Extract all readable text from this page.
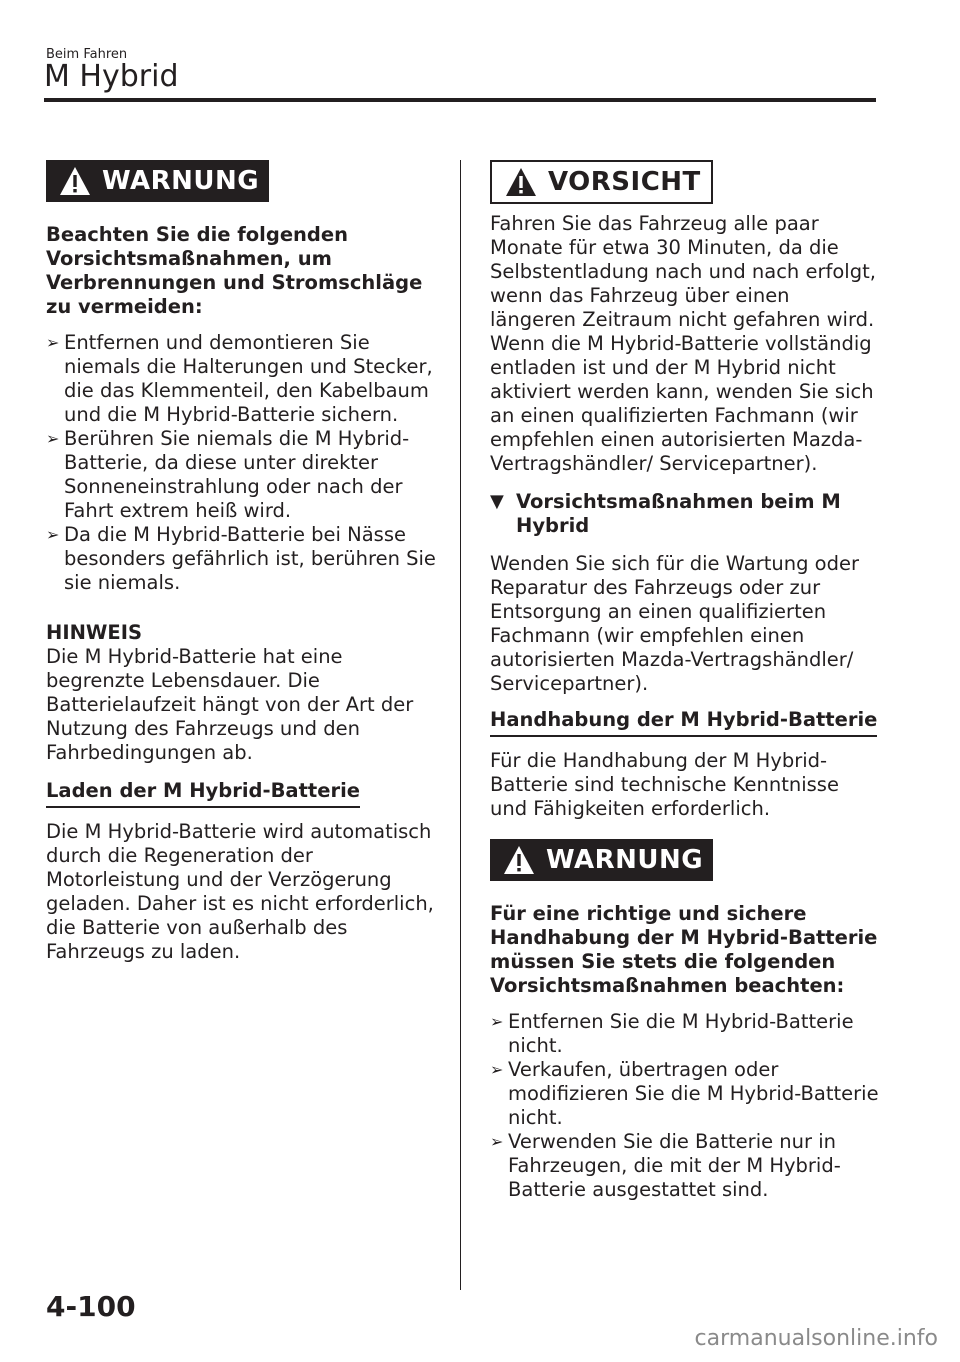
Beim Fahren
M Hybrid
WARNUNG

Beachten Sie die folgenden Vorsichtsmaßnahmen, um Verbrennungen und Stromschläge zu vermeiden:

➢ Entfernen und demontieren Sie niemals die Halterungen und Stecker, die das Klemmenteil, den Kabelbaum und die M Hybrid-Batterie sichern.
➢ Berühren Sie niemals die M Hybrid-Batterie, da diese unter direkter Sonneneinstrahlung oder nach der Fahrt extrem heiß wird.
➢ Da die M Hybrid-Batterie bei Nässe besonders gefährlich ist, berühren Sie sie niemals.

HINWEIS

Die M Hybrid-Batterie hat eine begrenzte Lebensdauer. Die Batterielaufzeit hängt von der Art der Nutzung des Fahrzeugs und den Fahrbedingungen ab.

Laden der M Hybrid-Batterie

Die M Hybrid-Batterie wird automatisch durch die Regeneration der Motorleistung und der Verzögerung geladen. Daher ist es nicht erforderlich, die Batterie von außerhalb des Fahrzeugs zu laden.

VORSICHT

Fahren Sie das Fahrzeug alle paar Monate für etwa 30 Minuten, da die Selbstentladung nach und nach erfolgt, wenn das Fahrzeug über einen längeren Zeitraum nicht gefahren wird. Wenn die M Hybrid-Batterie vollständig entladen ist und der M Hybrid nicht aktiviert werden kann, wenden Sie sich an einen qualifizierten Fachmann (wir empfehlen einen autorisierten Mazda-Vertragshändler/ Servicepartner).

▼ Vorsichtsmaßnahmen beim M Hybrid

Wenden Sie sich für die Wartung oder Reparatur des Fahrzeugs oder zur Entsorgung an einen qualifizierten Fachmann (wir empfehlen einen autorisierten Mazda-Vertragshändler/ Servicepartner).

Handhabung der M Hybrid-Batterie

Für die Handhabung der M Hybrid-Batterie sind technische Kenntnisse und Fähigkeiten erforderlich.

WARNUNG

Für eine richtige und sichere Handhabung der M Hybrid-Batterie müssen Sie stets die folgenden Vorsichtsmaßnahmen beachten:

➢ Entfernen Sie die M Hybrid-Batterie nicht.
➢ Verkaufen, übertragen oder modifizieren Sie die M Hybrid-Batterie nicht.
➢ Verwenden Sie die Batterie nur in Fahrzeugen, die mit der M Hybrid-Batterie ausgestattet sind.
4-100
carmanualsonline.info
